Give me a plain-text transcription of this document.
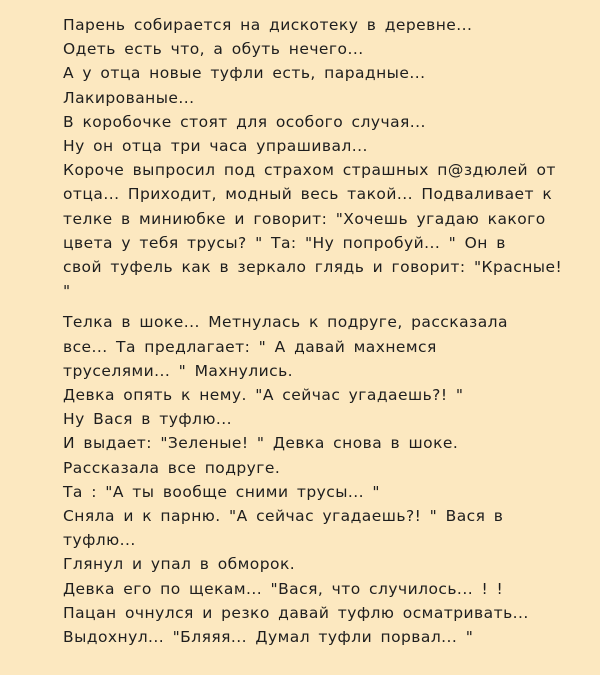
Парень собирается на дискотеку в деревне...

Одеть есть что, а обуть нечего...

А у отца новые туфли есть, парадные...

Лакированые...

В коробочке стоят для особого случая...

Ну он отца три часа упрашивал...

Короче выпросил под страхом страшных п@здюлей от

отца... Приходит, модный весь такой... Подваливает к

телке в миниюбке и говорит: "Хочешь угадаю какого

цвета у тебя трусы? " Та: "Ну попробуй... " Он в

свой туфель как в зеркало глядь и говорит: "Красные!

"

Телка в шоке... Метнулась к подруге, рассказала

все... Та предлагает: " А давай махнемся

труселями... " Махнулись.

Девка опять к нему. "А сейчас угадаешь?! "

Ну Вася в туфлю...

И выдает: "Зеленые! " Девка снова в шоке.

Рассказала все подруге.

Та : "А ты вообще сними трусы... "

Сняла и к парню. "А сейчас угадаешь?! " Вася в

туфлю...

Глянул и упал в обморок.

Девка его по щекам... "Вася, что случилось... ! !

Пацан очнулся и резко давай туфлю осматривать...

Выдохнул... "Бляяя... Думал туфли порвал... "
